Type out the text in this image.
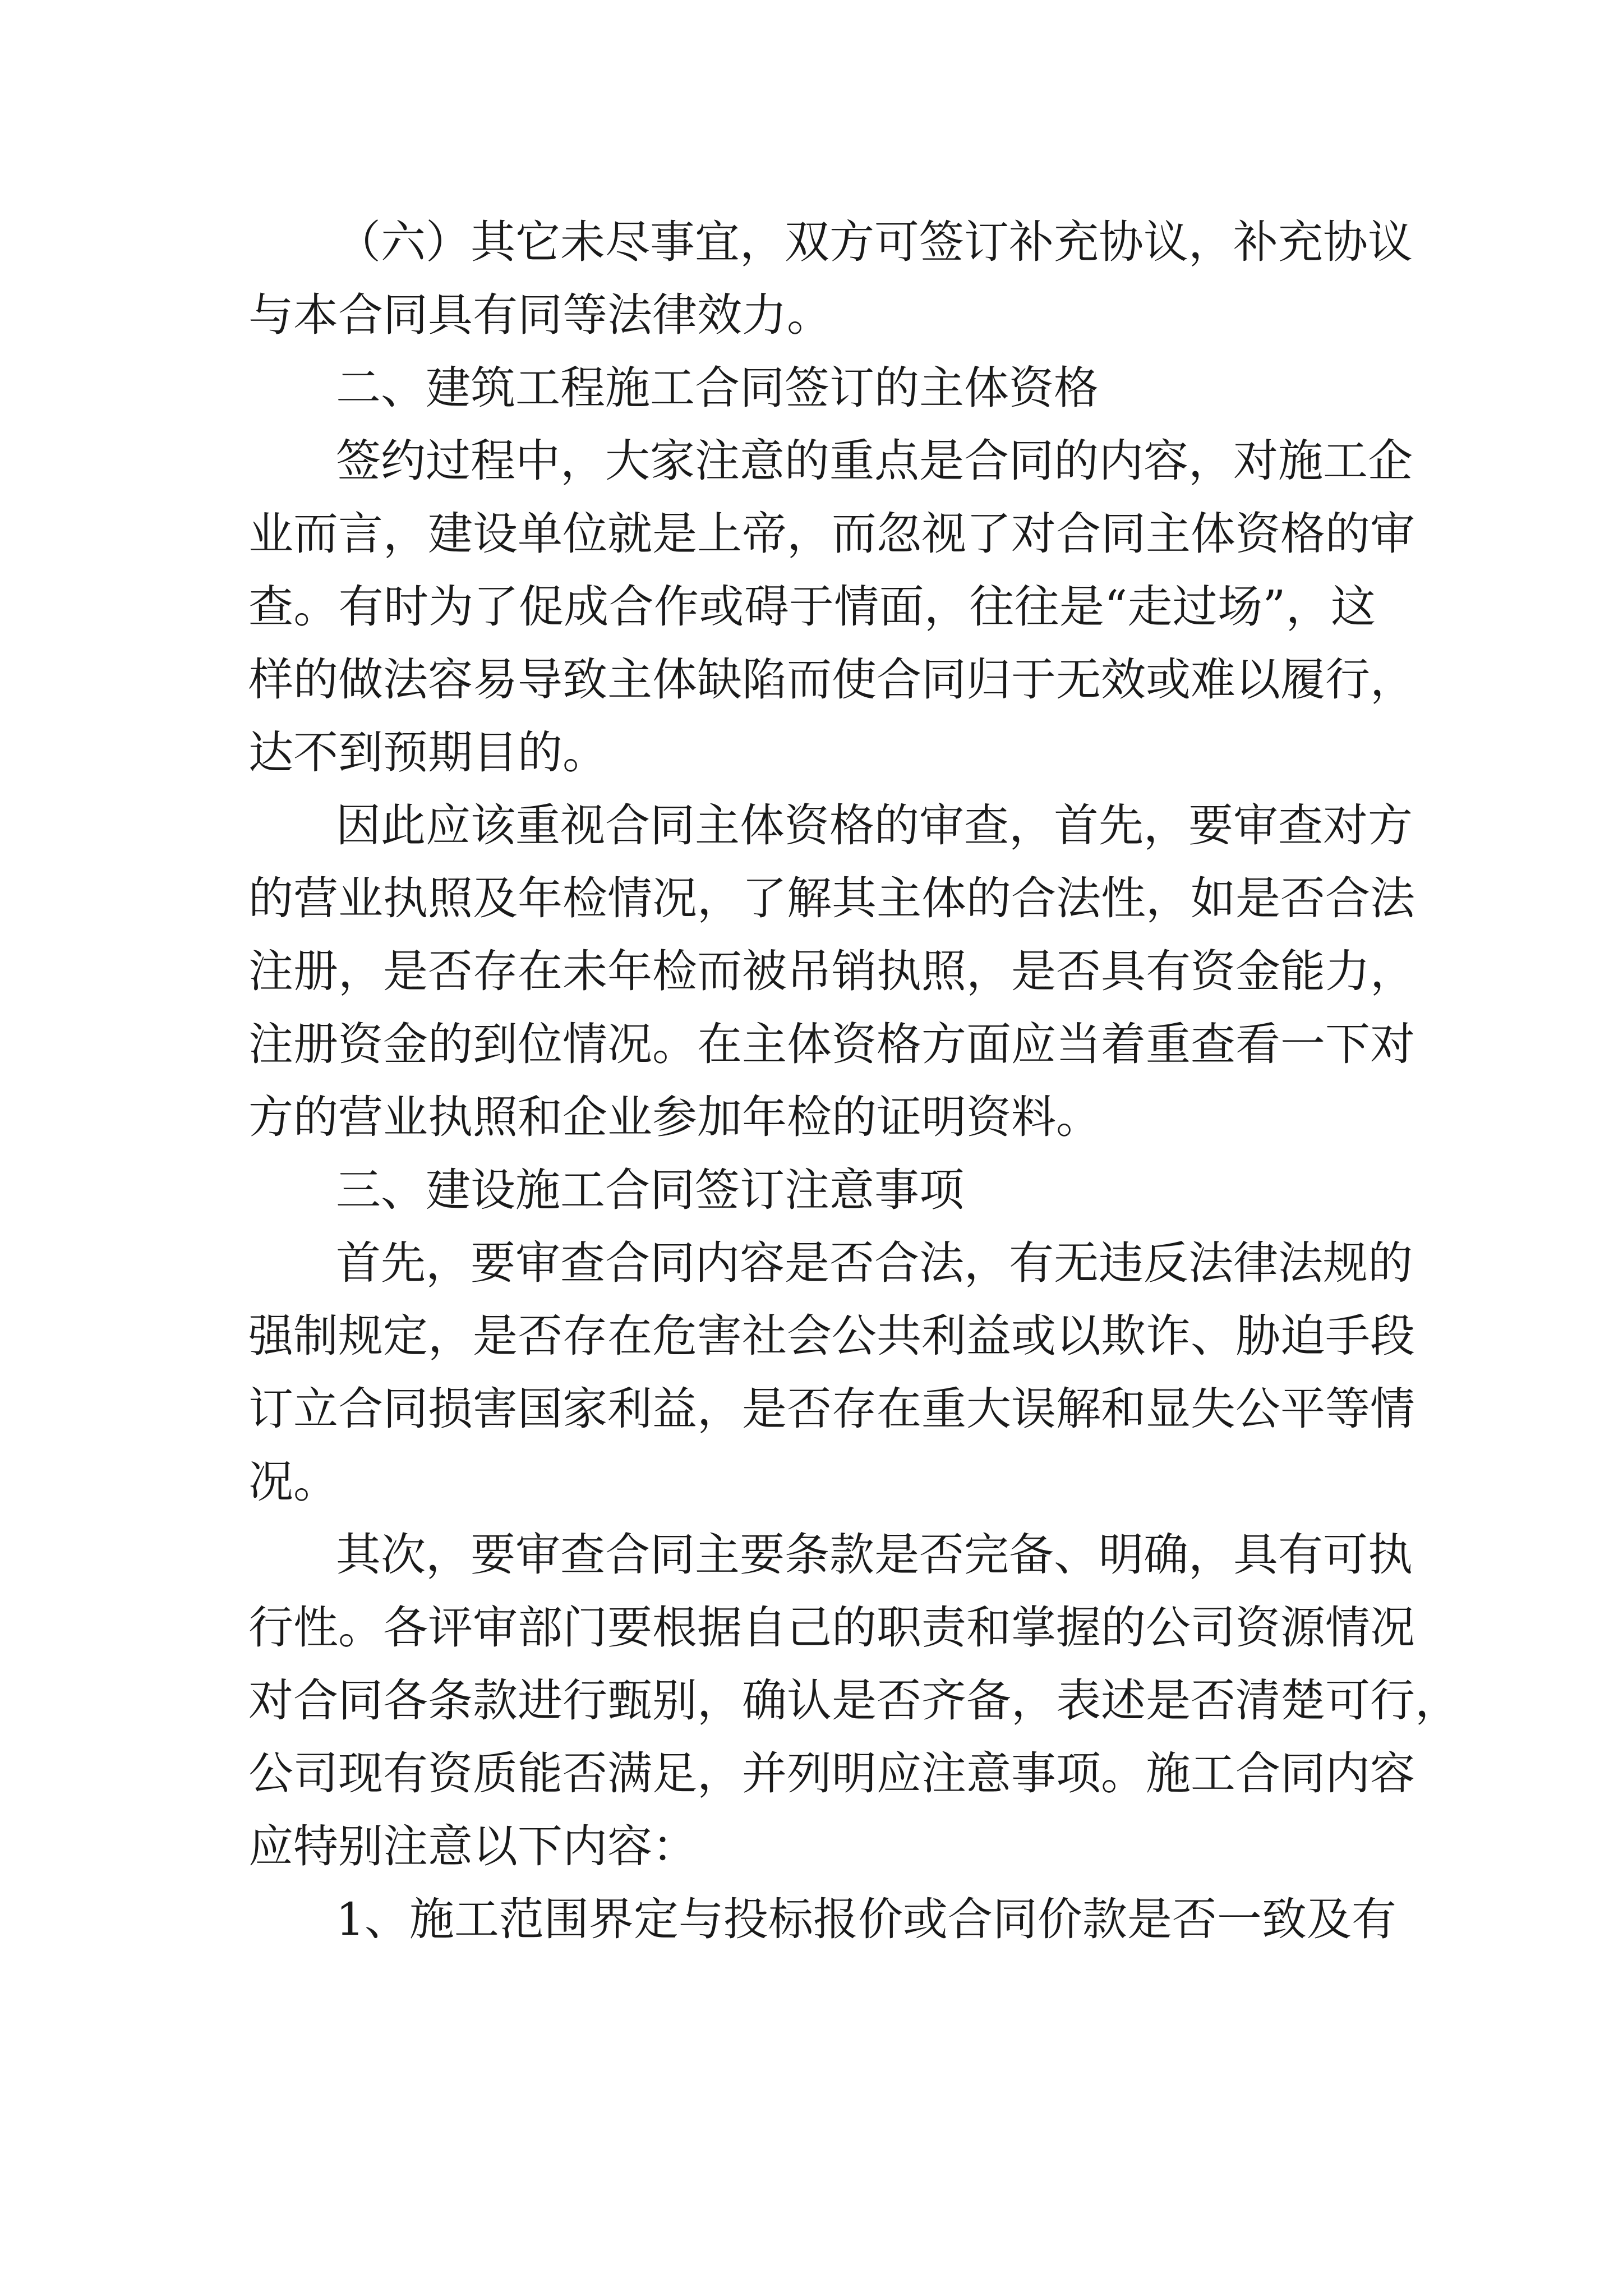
（六）其它未尽事宜，双方可签订补充协议，补充协议
与本合同具有同等法律效力。
二、建筑工程施工合同签订的主体资格
签约过程中，大家注意的重点是合同的内容，对施工企
业而言，建设单位就是上帝，而忽视了对合同主体资格的审
查。有时为了促成合作或碍于情面，往往是“走过场”，这
样的做法容易导致主体缺陷而使合同归于无效或难以履行，
达不到预期目的。
因此应该重视合同主体资格的审查，首先，要审查对方
的营业执照及年检情况，了解其主体的合法性，如是否合法
注册，是否存在未年检而被吊销执照，是否具有资金能力，
注册资金的到位情况。在主体资格方面应当着重查看一下对
方的营业执照和企业参加年检的证明资料。
三、建设施工合同签订注意事项
首先，要审查合同内容是否合法，有无违反法律法规的
强制规定，是否存在危害社会公共利益或以欺诈、胁迫手段
订立合同损害国家利益，是否存在重大误解和显失公平等情
况。
其次，要审查合同主要条款是否完备、明确，具有可执
行性。各评审部门要根据自己的职责和掌握的公司资源情况
对合同各条款进行甄别，确认是否齐备，表述是否清楚可行，
公司现有资质能否满足，并列明应注意事项。施工合同内容
应特别注意以下内容：
1、施工范围界定与投标报价或合同价款是否一致及有
